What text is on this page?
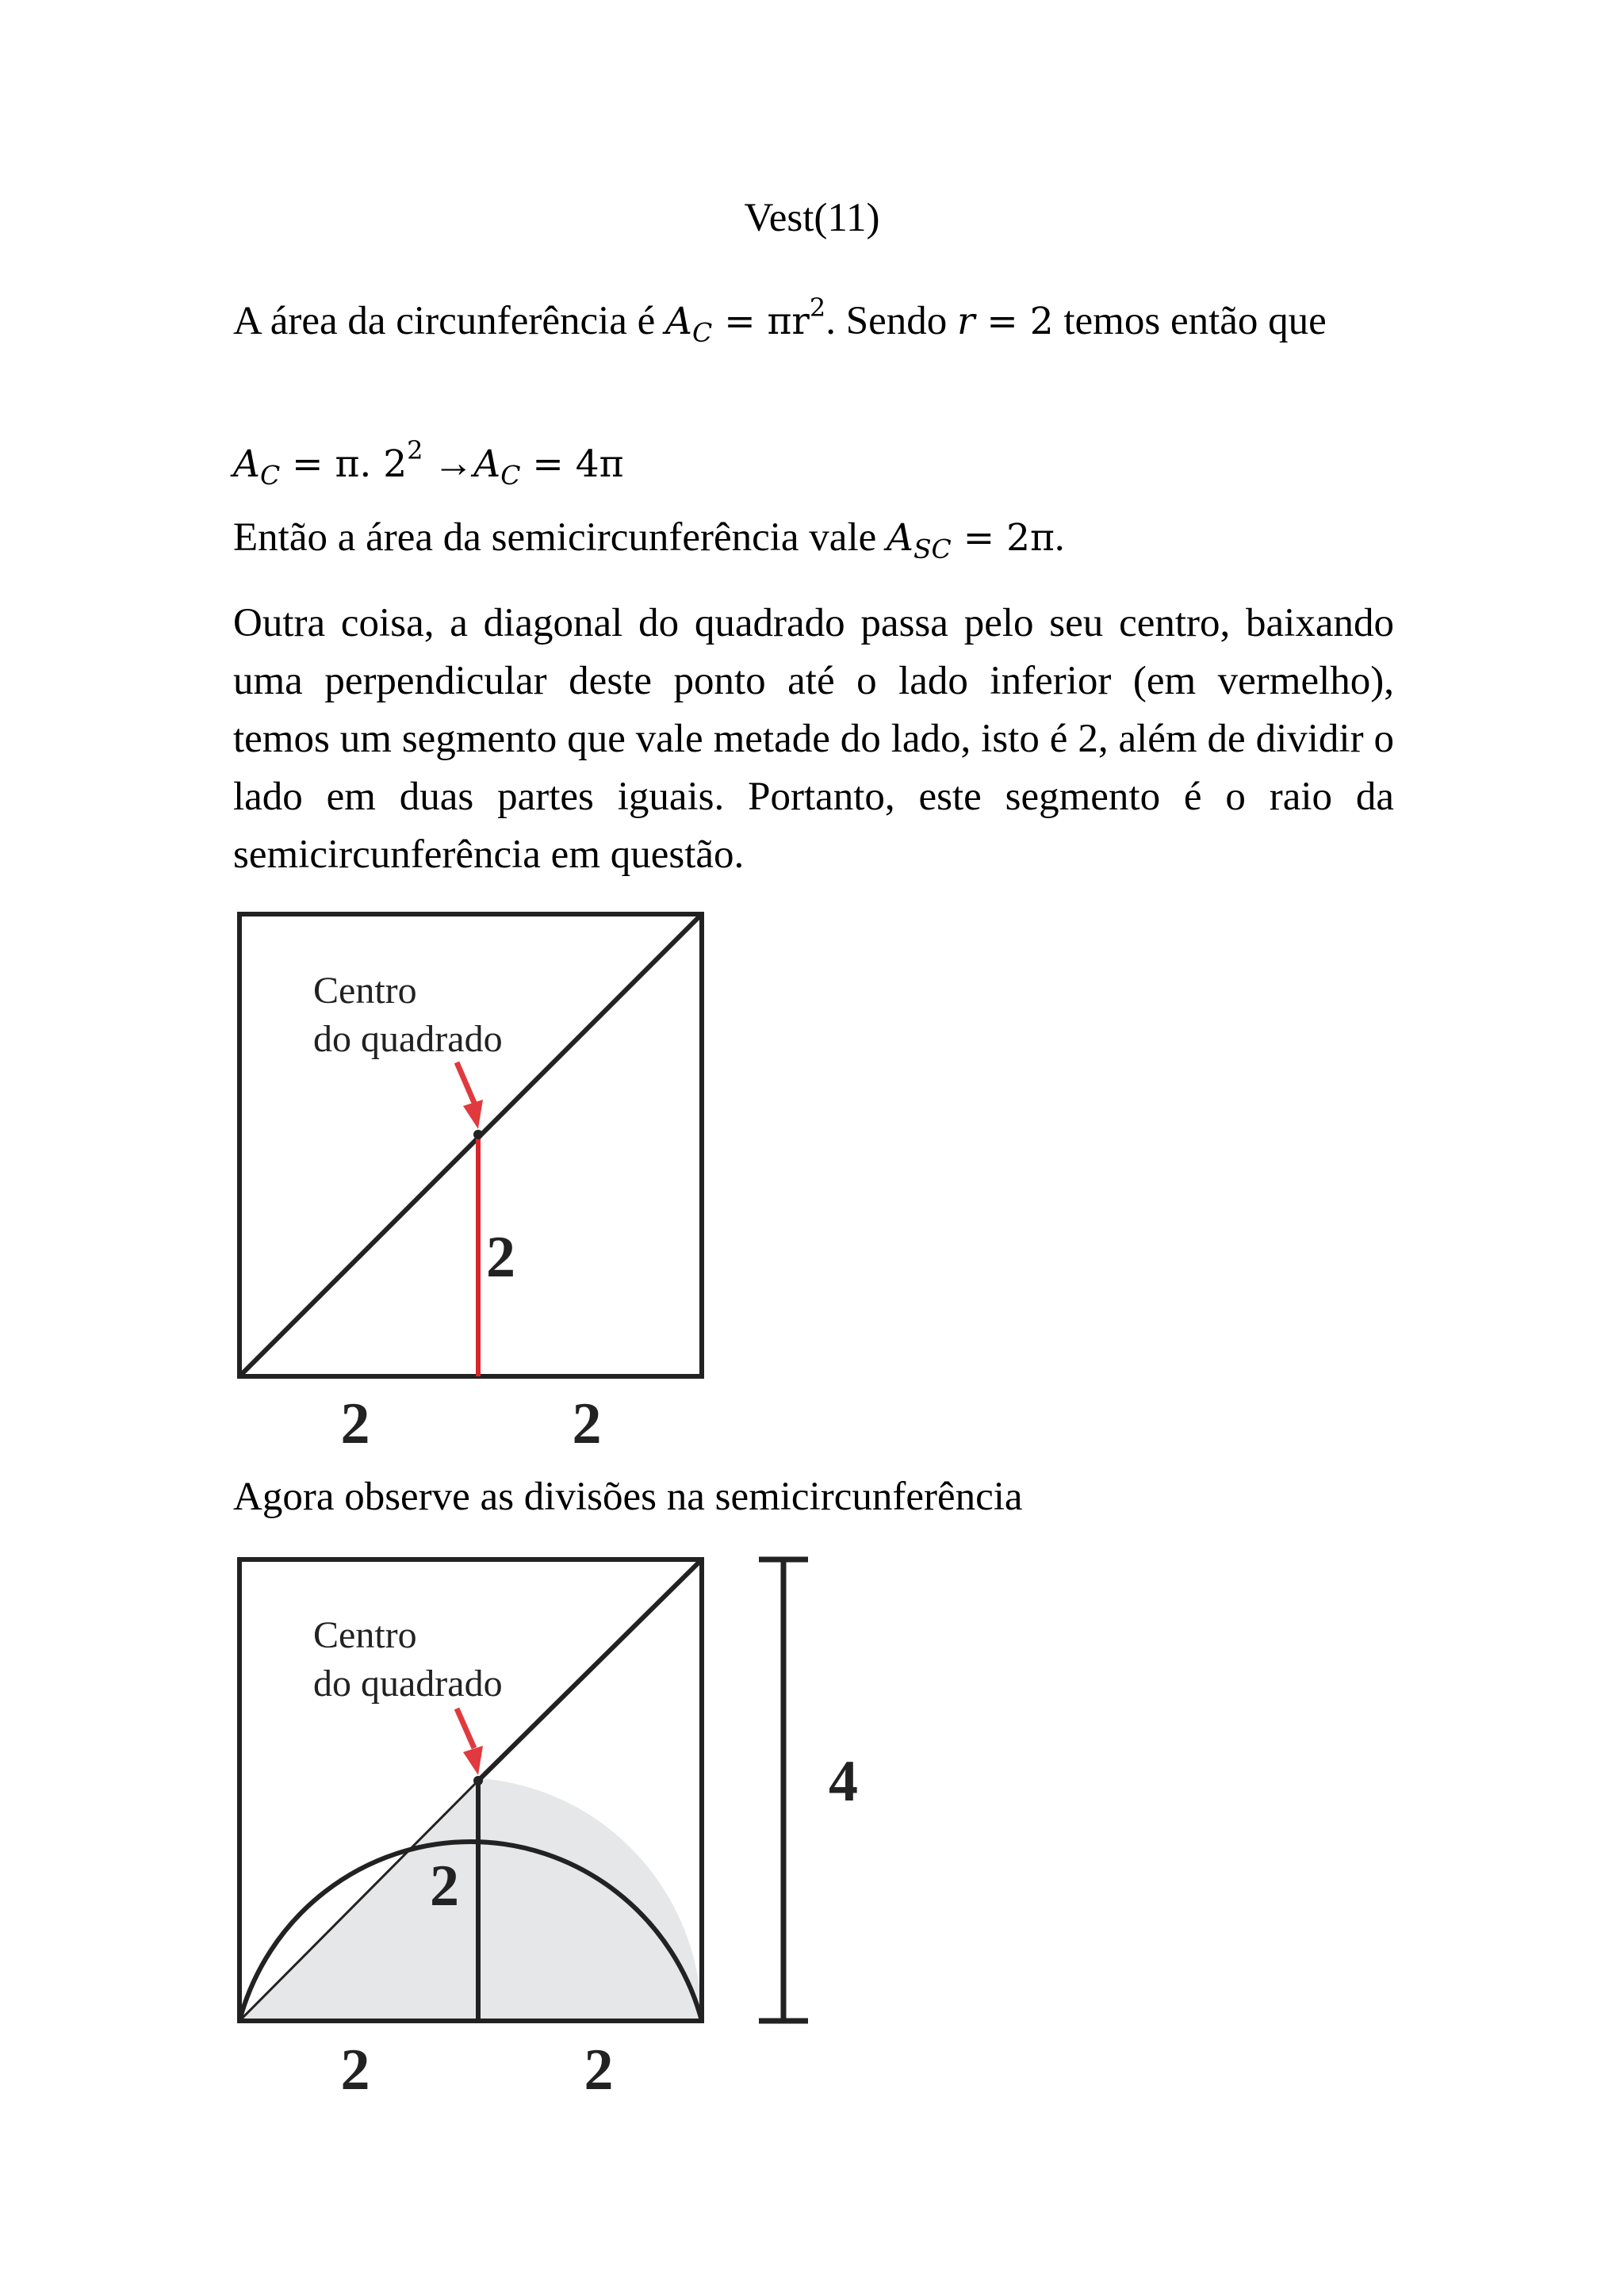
Vest(11)

A área da circunferência é $A_C = \pi r^2$. Sendo r = 2 temos então que

$A_C = \pi$. $2^2 \to A_C = 4\pi$

Então a área da semicircunferência vale $A_{SC} = 2\pi$.

Outra coisa, a diagonal do quadrado passa pelo seu centro, baixando uma perpendicular deste ponto até o lado inferior (em vermelho), temos um segmento que vale metade do lado, isto é 2, além de dividir o lado em duas partes iguais. Portanto, este segmento é o raio da semicircunferência em questão.

Centro
do quadrado
2
2	2

Agora observe as divisões na semicircunferência

Centro
do quadrado
2
2	2
4
